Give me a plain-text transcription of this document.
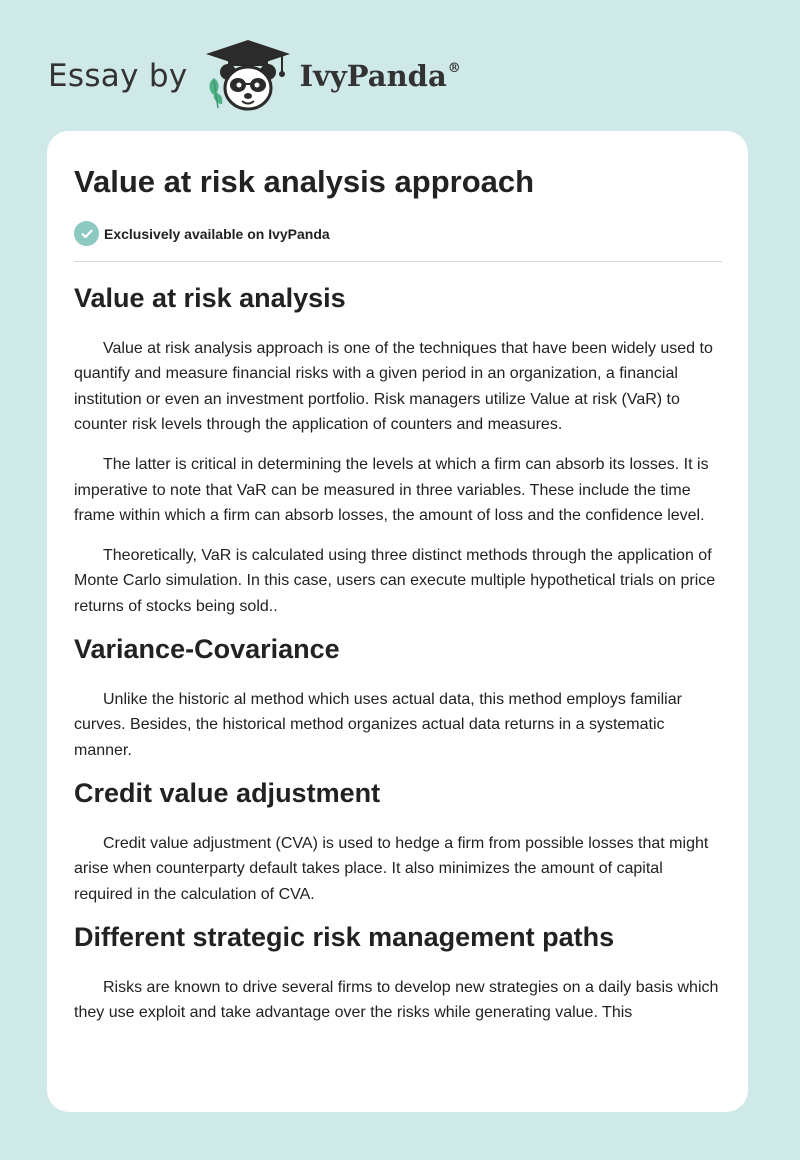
Essay by	IvyPanda®
Value at risk analysis approach
Exclusively available on IvyPanda
Value at risk analysis

Value at risk analysis approach is one of the techniques that have been widely used to quantify and measure financial risks with a given period in an organization, a financial institution or even an investment portfolio. Risk managers utilize Value at risk (VaR) to counter risk levels through the application of counters and measures.

The latter is critical in determining the levels at which a firm can absorb its losses. It is imperative to note that VaR can be measured in three variables. These include the time frame within which a firm can absorb losses, the amount of loss and the confidence level.

Theoretically, VaR is calculated using three distinct methods through the application of Monte Carlo simulation. In this case, users can execute multiple hypothetical trials on price returns of stocks being sold..

Variance-Covariance

Unlike the historic al method which uses actual data, this method employs familiar curves. Besides, the historical method organizes actual data returns in a systematic manner.

Credit value adjustment

Credit value adjustment (CVA) is used to hedge a firm from possible losses that might arise when counterparty default takes place. It also minimizes the amount of capital required in the calculation of CVA.

Different strategic risk management paths

Risks are known to drive several firms to develop new strategies on a daily basis which they use exploit and take advantage over the risks while generating value. This
